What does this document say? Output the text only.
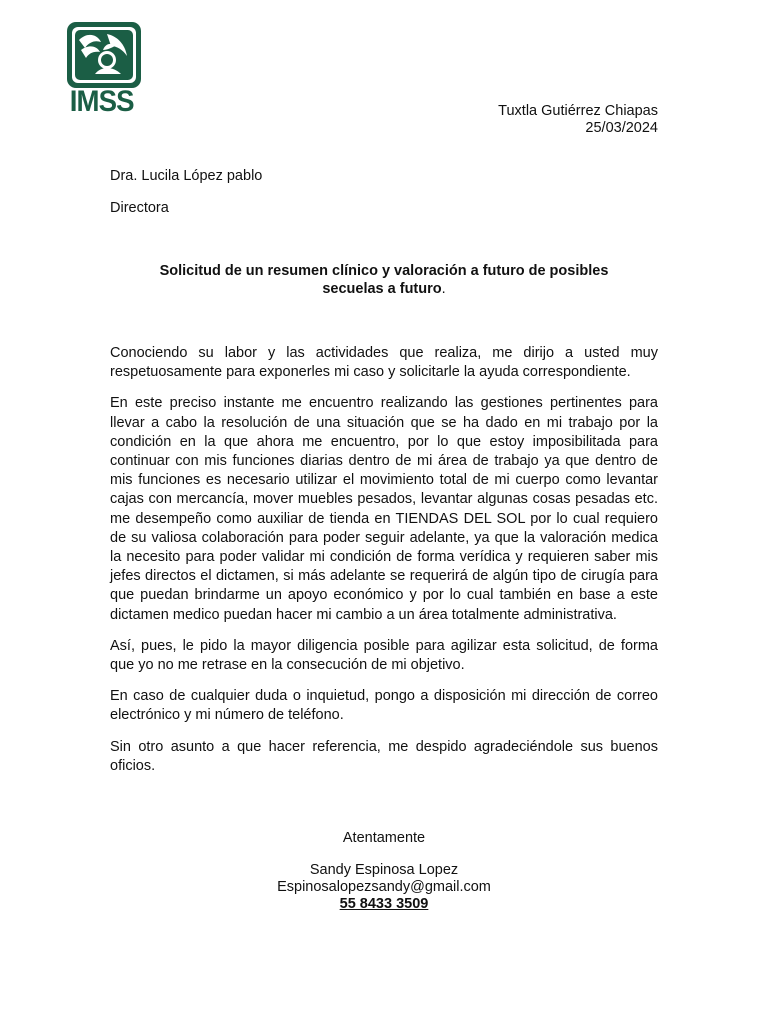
IMSS	Tuxtla Gutiérrez Chiapas
25/03/2024
Dra. Lucila López pablo
Directora
Solicitud de un resumen clínico y valoración a futuro de posibles
secuelas a futuro.

Conociendo su labor y las actividades que realiza, me dirijo a usted muy respetuosamente para exponerles mi caso y solicitarle la ayuda correspondiente.

En este preciso instante me encuentro realizando las gestiones pertinentes para llevar a cabo la resolución de una situación que se ha dado en mi trabajo por la condición en la que ahora me encuentro, por lo que estoy imposibilitada para continuar con mis funciones diarias dentro de mi área de trabajo ya que dentro de mis funciones es necesario utilizar el movimiento total de mi cuerpo como levantar cajas con mercancía, mover muebles pesados, levantar algunas cosas pesadas etc. me desempeño como auxiliar de tienda en TIENDAS DEL SOL por lo cual requiero de su valiosa colaboración para poder seguir adelante, ya que la valoración medica la necesito para poder validar mi condición de forma verídica y requieren saber mis jefes directos el dictamen, si más adelante se requerirá de algún tipo de cirugía para que puedan brindarme un apoyo económico y por lo cual también en base a este dictamen medico puedan hacer mi cambio a un área totalmente administrativa.

Así, pues, le pido la mayor diligencia posible para agilizar esta solicitud, de forma que yo no me retrase en la consecución de mi objetivo.

En caso de cualquier duda o inquietud, pongo a disposición mi dirección de correo electrónico y mi número de teléfono.

Sin otro asunto a que hacer referencia, me despido agradeciéndole sus buenos oficios.

Atentamente
Sandy Espinosa Lopez
Espinosalopezsandy@gmail.com
55 8433 3509
